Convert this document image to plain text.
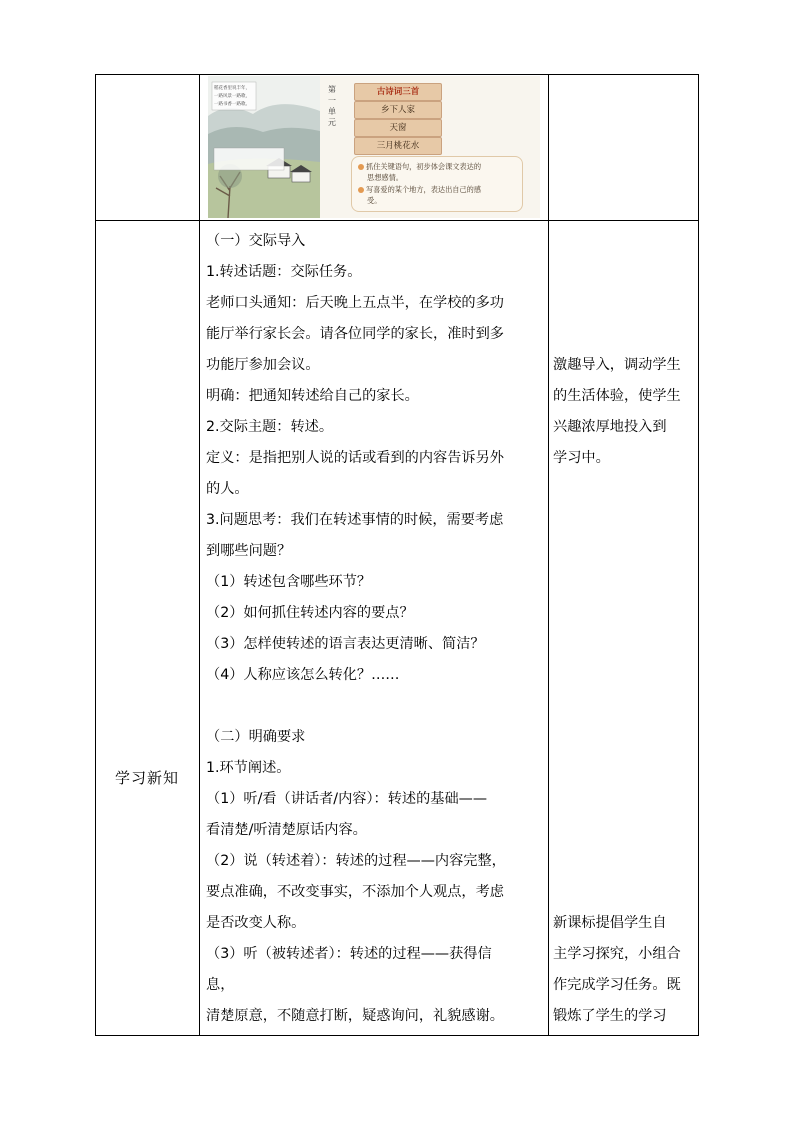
稻花香里说丰年，
一路风景一路歌，
一路书香一路歌。
第
一
单
元
古诗词三首
乡下人家
天窗
三月桃花水
抓住关键语句，初步体会课文表达的
思想感情。
写喜爱的某个地方，表达出自己的感
受。
学习新知
（一）交际导入
1.转述话题：交际任务。
老师口头通知：后天晚上五点半，在学校的多功
能厅举行家长会。请各位同学的家长，准时到多
功能厅参加会议。
明确：把通知转述给自己的家长。
2.交际主题：转述。
定义：是指把别人说的话或看到的内容告诉另外
的人。
3.问题思考：我们在转述事情的时候，需要考虑
到哪些问题？
（1）转述包含哪些环节？
（2）如何抓住转述内容的要点？
（3）怎样使转述的语言表达更清晰、简洁？
（4）人称应该怎么转化？……
（二）明确要求
1.环节阐述。
（1）听/看（讲话者/内容）：转述的基础——
看清楚/听清楚原话内容。
（2）说（转述着）：转述的过程——内容完整，
要点准确，不改变事实，不添加个人观点，考虑
是否改变人称。
（3）听（被转述者）：转述的过程——获得信
息，
清楚原意，不随意打断，疑惑询问，礼貌感谢。
激趣导入，调动学生
的生活体验，使学生
兴趣浓厚地投入到
学习中。
新课标提倡学生自
主学习探究，小组合
作完成学习任务。既
锻炼了学生的学习
